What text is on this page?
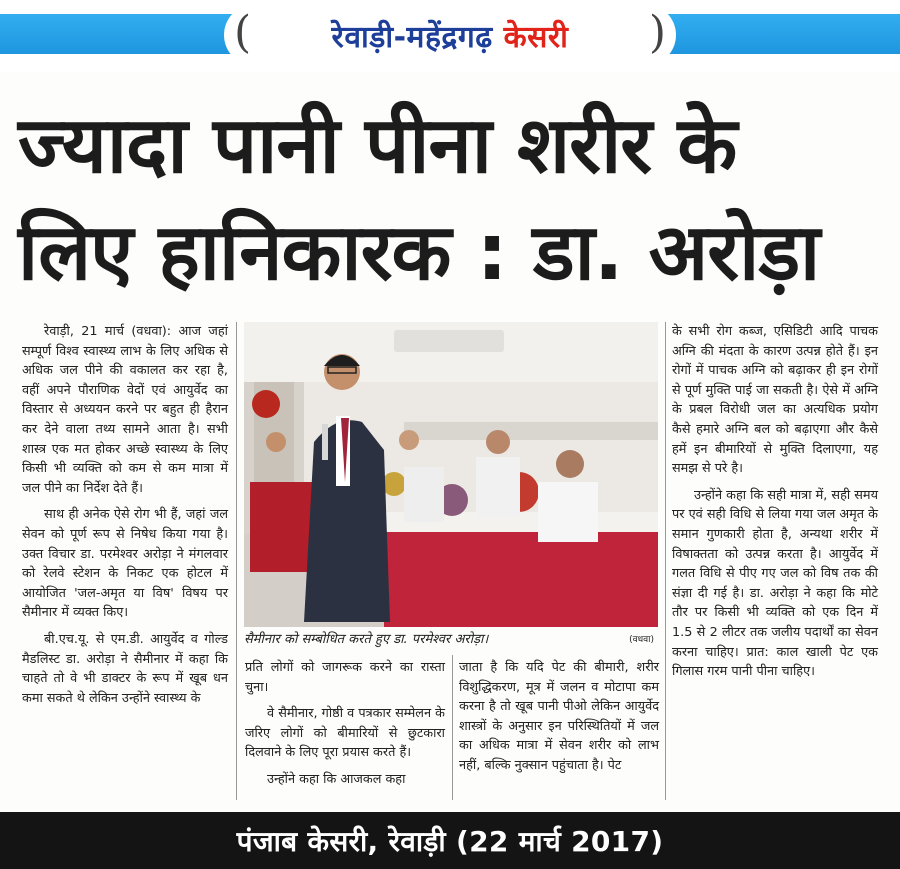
(	रेवाड़ी-महेंद्रगढ़ केसरी )
ज्यादा पानी पीना शरीर के
लिए हानिकारक : डा. अरोड़ा

रेवाड़ी, 21 मार्च (वधवा): आज जहां सम्पूर्ण विश्व स्वास्थ्य लाभ के लिए अधिक से अधिक जल पीने की वकालत कर रहा है, वहीं अपने पौराणिक वेदों एवं आयुर्वेद का विस्तार से अध्ययन करने पर बहुत ही हैरान कर देने वाला तथ्य सामने आता है। सभी शास्त्र एक मत होकर अच्छे स्वास्थ्य के लिए किसी भी व्यक्ति को कम से कम मात्रा में जल पीने का निर्देश देते हैं।

साथ ही अनेक ऐसे रोग भी हैं, जहां जल सेवन को पूर्ण रूप से निषेध किया गया है। उक्त विचार डा. परमेश्वर अरोड़ा ने मंगलवार को रेलवे स्टेशन के निकट एक होटल में आयोजित 'जल-अमृत या विष' विषय पर सैमीनार में व्यक्त किए।

बी.एच.यू. से एम.डी. आयुर्वेद व गोल्ड मैडलिस्ट डा. अरोड़ा ने सैमीनार में कहा कि चाहते तो वे भी डाक्टर के रूप में खूब धन कमा सकते थे लेकिन उन्होंने स्वास्थ्य के

सैमीनार को सम्बोधित करते हुए डा. परमेश्वर अरोड़ा।	(वधवा)

प्रति लोगों को जागरूक करने का रास्ता चुना।

वे सैमीनार, गोष्ठी व पत्रकार सम्मेलन के जरिए लोगों को बीमारियों से छुटकारा दिलवाने के लिए पूरा प्रयास करते हैं।

उन्होंने कहा कि आजकल कहा

जाता है कि यदि पेट की बीमारी, शरीर विशुद्धिकरण, मूत्र में जलन व मोटापा कम करना है तो खूब पानी पीओ लेकिन आयुर्वेद शास्त्रों के अनुसार इन परिस्थितियों में जल का अधिक मात्रा में सेवन शरीर को लाभ नहीं, बल्कि नुक्सान पहुंचाता है। पेट

के सभी रोग कब्ज, एसिडिटी आदि पाचक अग्नि की मंदता के कारण उत्पन्न होते हैं। इन रोगों में पाचक अग्नि को बढ़ाकर ही इन रोगों से पूर्ण मुक्ति पाई जा सकती है। ऐसे में अग्नि के प्रबल विरोधी जल का अत्यधिक प्रयोग कैसे हमारे अग्नि बल को बढ़ाएगा और कैसे हमें इन बीमारियों से मुक्ति दिलाएगा, यह समझ से परे है।

उन्होंने कहा कि सही मात्रा में, सही समय पर एवं सही विधि से लिया गया जल अमृत के समान गुणकारी होता है, अन्यथा शरीर में विषाक्तता को उत्पन्न करता है। आयुर्वेद में गलत विधि से पीए गए जल को विष तक की संज्ञा दी गई है। डा. अरोड़ा ने कहा कि मोटे तौर पर किसी भी व्यक्ति को एक दिन में 1.5 से 2 लीटर तक जलीय पदार्थों का सेवन करना चाहिए। प्रात: काल खाली पेट एक गिलास गरम पानी पीना चाहिए।

पंजाब केसरी, रेवाड़ी (22 मार्च 2017)
